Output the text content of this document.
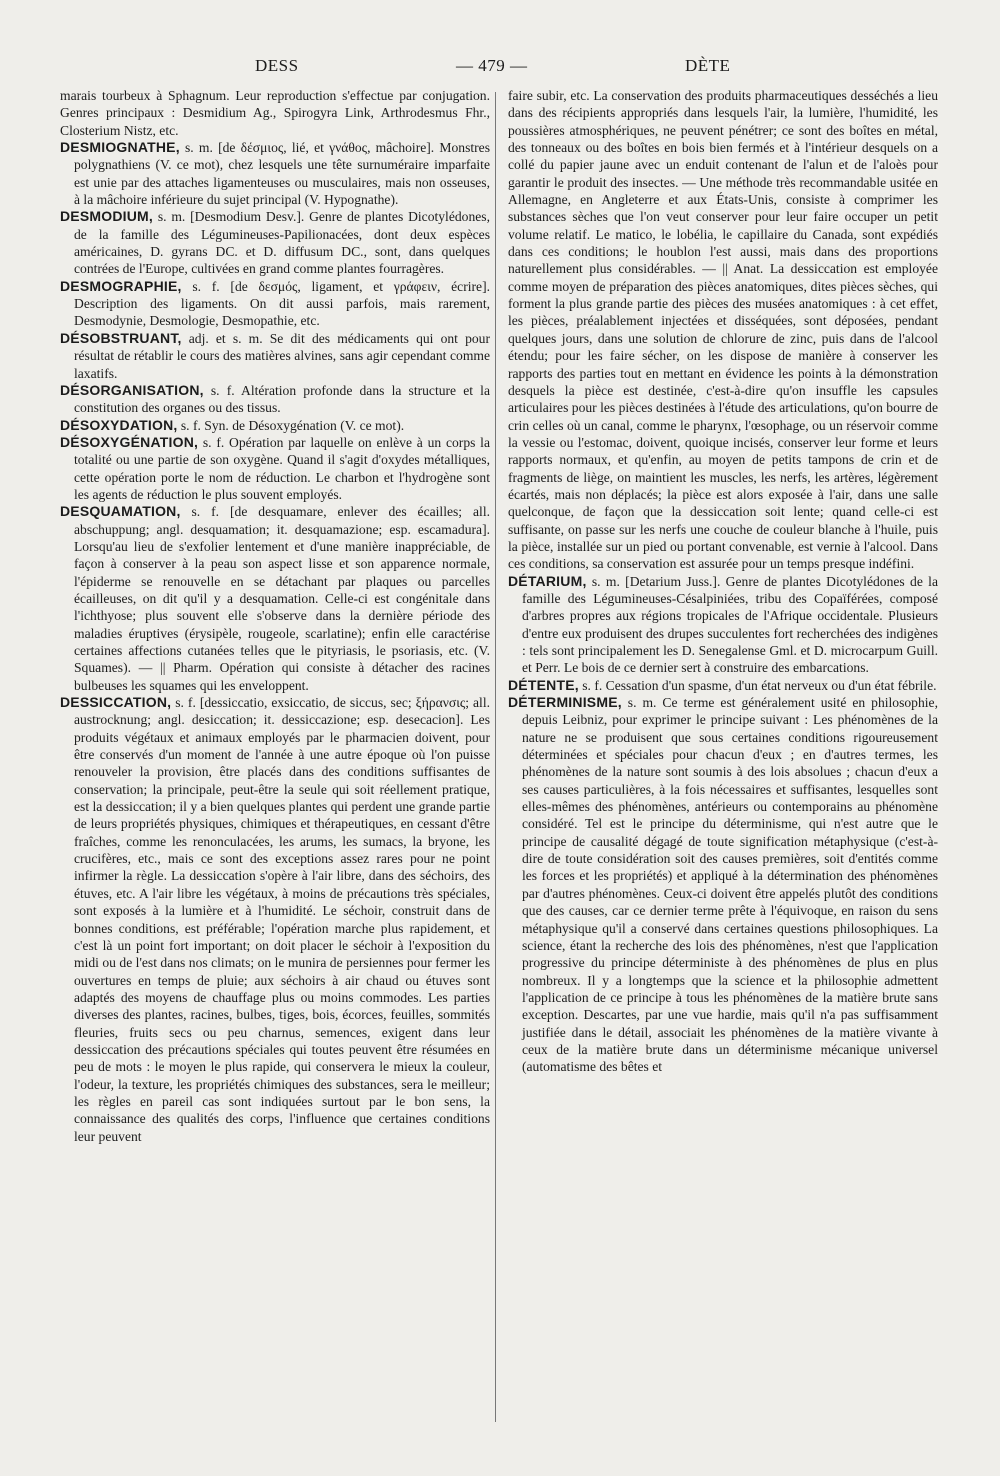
DESS	— 479 —	DÈTE

marais tourbeux à Sphagnum. Leur reproduction s'effectue par conjugation. Genres principaux : Desmidium Ag., Spirogyra Link, Arthrodesmus Fhr., Closterium Nistz, etc.

DESMIOGNATHE, s. m. [de δέσμιος, lié, et γνάθος, mâchoire]. Monstres polygnathiens (V. ce mot), chez lesquels une tête surnuméraire imparfaite est unie par des attaches ligamenteuses ou musculaires, mais non osseuses, à la mâchoire inférieure du sujet principal (V. Hypognathe).

DESMODIUM, s. m. [Desmodium Desv.]. Genre de plantes Dicotylédones, de la famille des Légumineuses-Papilionacées, dont deux espèces américaines, D. gyrans DC. et D. diffusum DC., sont, dans quelques contrées de l'Europe, cultivées en grand comme plantes fourragères.

DESMOGRAPHIE, s. f. [de δεσμός, ligament, et γράφειν, écrire]. Description des ligaments. On dit aussi parfois, mais rarement, Desmodynie, Desmologie, Desmopathie, etc.

DÉSOBSTRUANT, adj. et s. m. Se dit des médicaments qui ont pour résultat de rétablir le cours des matières alvines, sans agir cependant comme laxatifs.

DÉSORGANISATION, s. f. Altération profonde dans la structure et la constitution des organes ou des tissus.

DÉSOXYDATION, s. f. Syn. de Désoxygénation (V. ce mot).

DÉSOXYGÉNATION, s. f. Opération par laquelle on enlève à un corps la totalité ou une partie de son oxygène. Quand il s'agit d'oxydes métalliques, cette opération porte le nom de réduction. Le charbon et l'hydrogène sont les agents de réduction le plus souvent employés.

DESQUAMATION, s. f. [de desquamare, enlever des écailles; all. abschuppung; angl. desquamation; it. desquamazione; esp. escamadura]. Lorsqu'au lieu de s'exfolier lentement et d'une manière inappréciable, de façon à conserver à la peau son aspect lisse et son apparence normale, l'épiderme se renouvelle en se détachant par plaques ou parcelles écailleuses, on dit qu'il y a desquamation. Celle-ci est congénitale dans l'ichthyose; plus souvent elle s'observe dans la dernière période des maladies éruptives (érysipèle, rougeole, scarlatine); enfin elle caractérise certaines affections cutanées telles que le pityriasis, le psoriasis, etc. (V. Squames). — || Pharm. Opération qui consiste à détacher des racines bulbeuses les squames qui les enveloppent.

DESSICCATION, s. f. [dessiccatio, exsiccatio, de siccus, sec; ξήρανσις; all. austrocknung; angl. desiccation; it. dessiccazione; esp. desecacion]. Les produits végétaux et animaux employés par le pharmacien doivent, pour être conservés d'un moment de l'année à une autre époque où l'on puisse renouveler la provision, être placés dans des conditions suffisantes de conservation; la principale, peut-être la seule qui soit réellement pratique, est la dessiccation; il y a bien quelques plantes qui perdent une grande partie de leurs propriétés physiques, chimiques et thérapeutiques, en cessant d'être fraîches, comme les renonculacées, les arums, les sumacs, la bryone, les crucifères, etc., mais ce sont des exceptions assez rares pour ne point infirmer la règle. La dessiccation s'opère à l'air libre, dans des séchoirs, des étuves, etc. A l'air libre les végétaux, à moins de précautions très spéciales, sont exposés à la lumière et à l'humidité. Le séchoir, construit dans de bonnes conditions, est préférable; l'opération marche plus rapidement, et c'est là un point fort important; on doit placer le séchoir à l'exposition du midi ou de l'est dans nos climats; on le munira de persiennes pour fermer les ouvertures en temps de pluie; aux séchoirs à air chaud ou étuves sont adaptés des moyens de chauffage plus ou moins commodes. Les parties diverses des plantes, racines, bulbes, tiges, bois, écorces, feuilles, sommités fleuries, fruits secs ou peu charnus, semences, exigent dans leur dessiccation des précautions spéciales qui toutes peuvent être résumées en peu de mots : le moyen le plus rapide, qui conservera le mieux la couleur, l'odeur, la texture, les propriétés chimiques des substances, sera le meilleur; les règles en pareil cas sont indiquées surtout par le bon sens, la connaissance des qualités des corps, l'influence que certaines conditions leur peuvent

faire subir, etc. La conservation des produits pharmaceutiques desséchés a lieu dans des récipients appropriés dans lesquels l'air, la lumière, l'humidité, les poussières atmosphériques, ne peuvent pénétrer; ce sont des boîtes en métal, des tonneaux ou des boîtes en bois bien fermés et à l'intérieur desquels on a collé du papier jaune avec un enduit contenant de l'alun et de l'aloès pour garantir le produit des insectes. — Une méthode très recommandable usitée en Allemagne, en Angleterre et aux États-Unis, consiste à comprimer les substances sèches que l'on veut conserver pour leur faire occuper un petit volume relatif. Le matico, le lobélia, le capillaire du Canada, sont expédiés dans ces conditions; le houblon l'est aussi, mais dans des proportions naturellement plus considérables. — || Anat. La dessiccation est employée comme moyen de préparation des pièces anatomiques, dites pièces sèches, qui forment la plus grande partie des pièces des musées anatomiques : à cet effet, les pièces, préalablement injectées et disséquées, sont déposées, pendant quelques jours, dans une solution de chlorure de zinc, puis dans de l'alcool étendu; pour les faire sécher, on les dispose de manière à conserver les rapports des parties tout en mettant en évidence les points à la démonstration desquels la pièce est destinée, c'est-à-dire qu'on insuffle les capsules articulaires pour les pièces destinées à l'étude des articulations, qu'on bourre de crin celles où un canal, comme le pharynx, l'œsophage, ou un réservoir comme la vessie ou l'estomac, doivent, quoique incisés, conserver leur forme et leurs rapports normaux, et qu'enfin, au moyen de petits tampons de crin et de fragments de liège, on maintient les muscles, les nerfs, les artères, légèrement écartés, mais non déplacés; la pièce est alors exposée à l'air, dans une salle quelconque, de façon que la dessiccation soit lente; quand celle-ci est suffisante, on passe sur les nerfs une couche de couleur blanche à l'huile, puis la pièce, installée sur un pied ou portant convenable, est vernie à l'alcool. Dans ces conditions, sa conservation est assurée pour un temps presque indéfini.

DÉTARIUM, s. m. [Detarium Juss.]. Genre de plantes Dicotylédones de la famille des Légumineuses-Césalpiniées, tribu des Copaïférées, composé d'arbres propres aux régions tropicales de l'Afrique occidentale. Plusieurs d'entre eux produisent des drupes succulentes fort recherchées des indigènes : tels sont principalement les D. Senegalense Gml. et D. microcarpum Guill. et Perr. Le bois de ce dernier sert à construire des embarcations.

DÉTENTE, s. f. Cessation d'un spasme, d'un état nerveux ou d'un état fébrile.

DÉTERMINISME, s. m. Ce terme est généralement usité en philosophie, depuis Leibniz, pour exprimer le principe suivant : Les phénomènes de la nature ne se produisent que sous certaines conditions rigoureusement déterminées et spéciales pour chacun d'eux ; en d'autres termes, les phénomènes de la nature sont soumis à des lois absolues ; chacun d'eux a ses causes particulières, à la fois nécessaires et suffisantes, lesquelles sont elles-mêmes des phénomènes, antérieurs ou contemporains au phénomène considéré. Tel est le principe du déterminisme, qui n'est autre que le principe de causalité dégagé de toute signification métaphysique (c'est-à-dire de toute considération soit des causes premières, soit d'entités comme les forces et les propriétés) et appliqué à la détermination des phénomènes par d'autres phénomènes. Ceux-ci doivent être appelés plutôt des conditions que des causes, car ce dernier terme prête à l'équivoque, en raison du sens métaphysique qu'il a conservé dans certaines questions philosophiques. La science, étant la recherche des lois des phénomènes, n'est que l'application progressive du principe déterministe à des phénomènes de plus en plus nombreux. Il y a longtemps que la science et la philosophie admettent l'application de ce principe à tous les phénomènes de la matière brute sans exception. Descartes, par une vue hardie, mais qu'il n'a pas suffisamment justifiée dans le détail, associait les phénomènes de la matière vivante à ceux de la matière brute dans un déterminisme mécanique universel (automatisme des bêtes et
